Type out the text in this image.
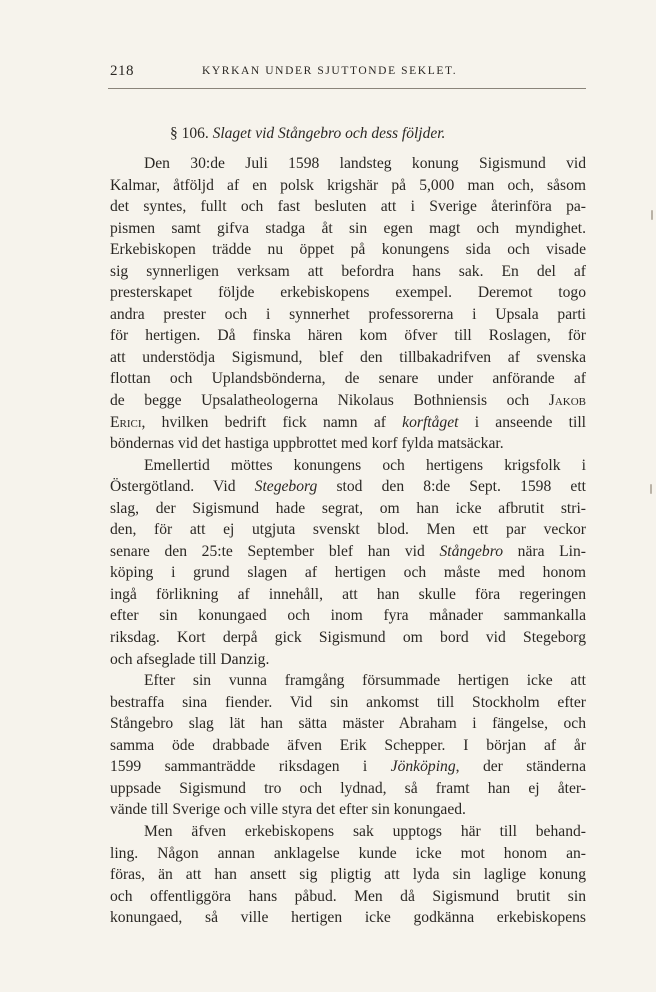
218	KYRKAN UNDER SJUTTONDE SEKLET.
§ 106. Slaget vid Stångebro och dess följder.
Den 30:de Juli 1598 landsteg konung Sigismund vid
Kalmar, åtföljd af en polsk krigshär på 5,000 man och, såsom
det syntes, fullt och fast besluten att i Sverige återinföra pa-
pismen samt gifva stadga åt sin egen magt och myndighet.
Erkebiskopen trädde nu öppet på konungens sida och visade
sig synnerligen verksam att befordra hans sak. En del af
presterskapet följde erkebiskopens exempel. Deremot togo
andra prester och i synnerhet professorerna i Upsala parti
för hertigen. Då finska hären kom öfver till Roslagen, för
att understödja Sigismund, blef den tillbakadrifven af svenska
flottan och Uplandsbönderna, de senare under anförande af
de begge Upsalatheologerna Nikolaus Bothniensis och Jakob
Erici, hvilken bedrift fick namn af korftåget i anseende till
böndernas vid det hastiga uppbrottet med korf fylda matsäckar.
Emellertid möttes konungens och hertigens krigsfolk i
Östergötland. Vid Stegeborg stod den 8:de Sept. 1598 ett
slag, der Sigismund hade segrat, om han icke afbrutit stri-
den, för att ej utgjuta svenskt blod. Men ett par veckor
senare den 25:te September blef han vid Stångebro nära Lin-
köping i grund slagen af hertigen och måste med honom
ingå förlikning af innehåll, att han skulle föra regeringen
efter sin konungaed och inom fyra månader sammankalla
riksdag. Kort derpå gick Sigismund om bord vid Stegeborg
och afseglade till Danzig.
Efter sin vunna framgång försummade hertigen icke att
bestraffa sina fiender. Vid sin ankomst till Stockholm efter
Stångebro slag lät han sätta mäster Abraham i fängelse, och
samma öde drabbade äfven Erik Schepper. I början af år
1599 sammanträdde riksdagen i Jönköping, der ständerna
uppsade Sigismund tro och lydnad, så framt han ej åter-
vände till Sverige och ville styra det efter sin konungaed.
Men äfven erkebiskopens sak upptogs här till behand-
ling. Någon annan anklagelse kunde icke mot honom an-
föras, än att han ansett sig pligtig att lyda sin laglige konung
och offentliggöra hans påbud. Men då Sigismund brutit sin
konungaed, så ville hertigen icke godkänna erkebiskopens
